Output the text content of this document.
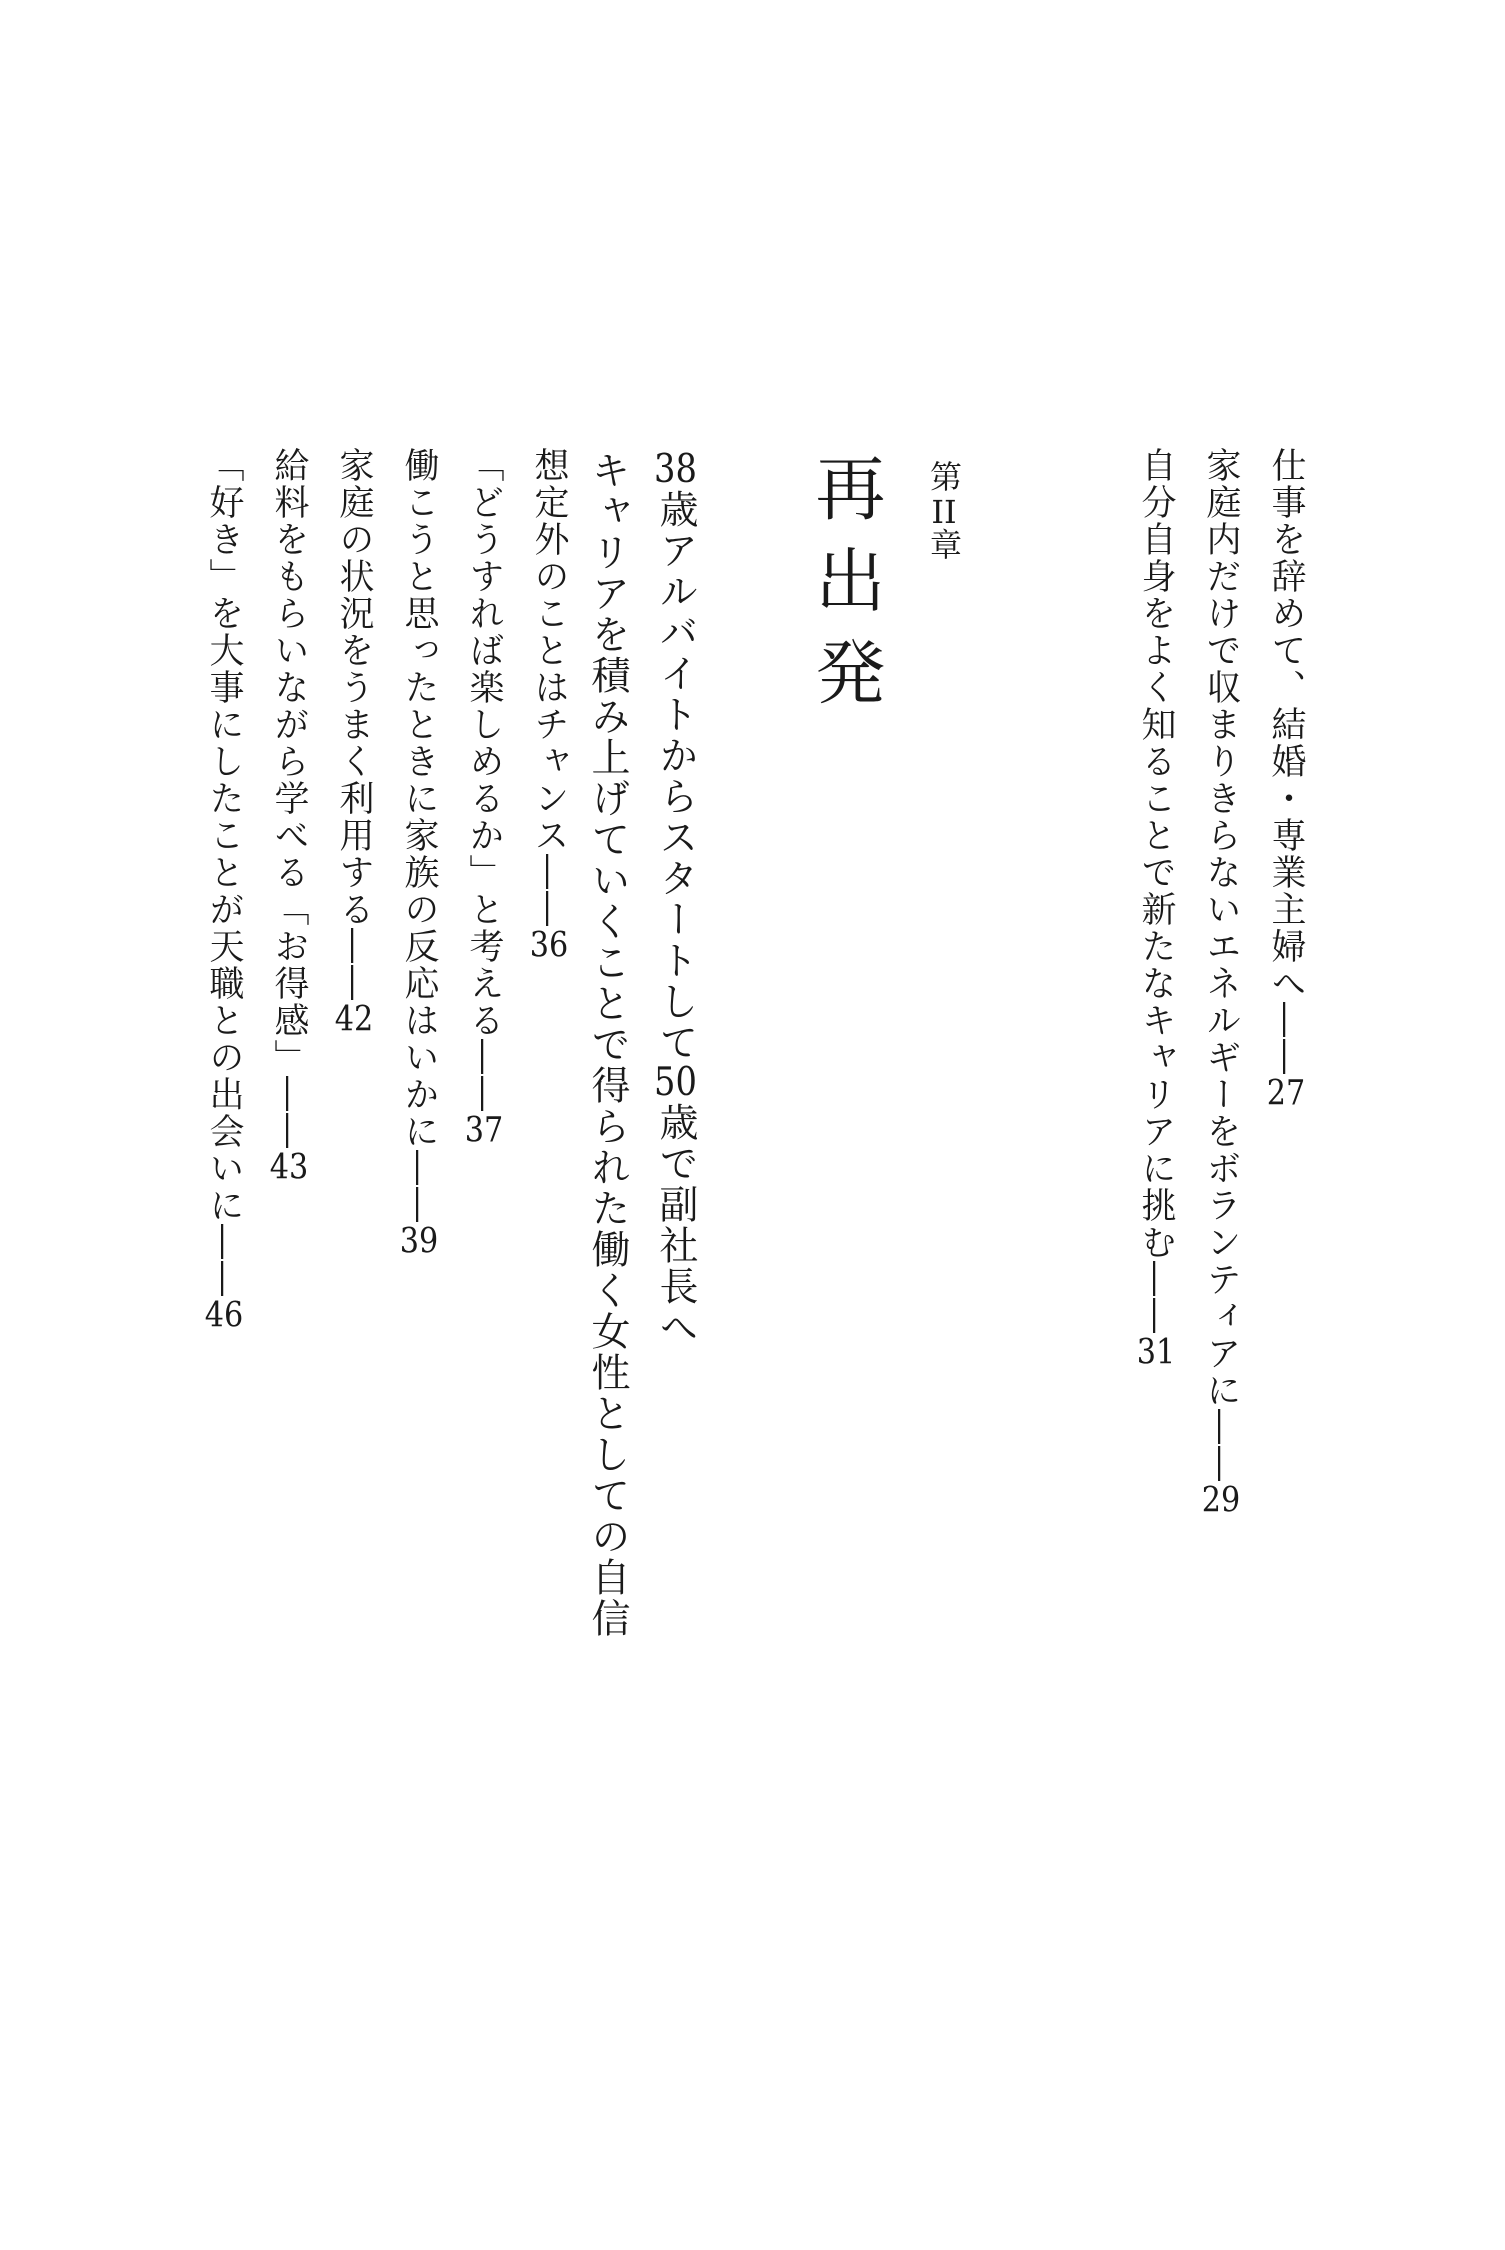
仕事を辞めて、結婚・専業主婦へ――27
家庭内だけで収まりきらないエネルギーをボランティアに――29
自分自身をよく知ることで新たなキャリアに挑む――31
第II章
再出発
38歳アルバイトからスタートして50歳で副社長へ
キャリアを積み上げていくことで得られた働く女性としての自信
想定外のことはチャンス――36
「どうすれば楽しめるか」と考える――37
働こうと思ったときに家族の反応はいかに――39
家庭の状況をうまく利用する――42
給料をもらいながら学べる「お得感」――43
「好き」を大事にしたことが天職との出会いに――46
